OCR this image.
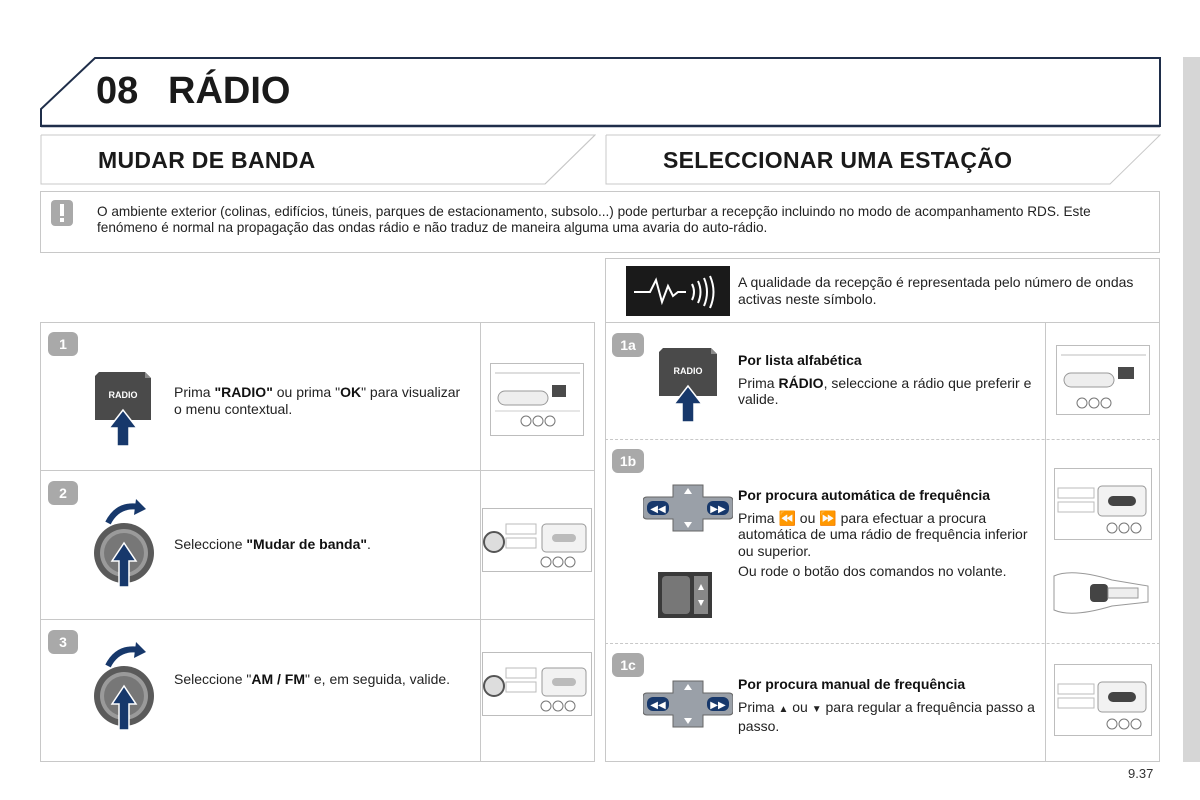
08 RÁDIO
MUDAR DE BANDA	SELECCIONAR UMA ESTAÇÃO
O ambiente exterior (colinas, edifícios, túneis, parques de estacionamento, subsolo...) pode perturbar a recepção incluindo no modo de acompanhamento RDS. Este fenómeno é normal na propagação das ondas rádio e não traduz de maneira alguma uma avaria do auto-rádio.
A qualidade da recepção é representada pelo número de ondas activas neste símbolo.
1
RADIO	Prima "RADIO" ou prima "OK" para visualizar o menu contextual.
2
Seleccione "Mudar de banda".
3
Seleccione "AM / FM" e, em seguida, valide.
1a
RADIO
Por lista alfabética
Prima RÁDIO, seleccione a rádio que preferir e valide.
1b
◀◀	▶▶
Por procura automática de frequência
Prima ⏪ ou ⏩ para efectuar a procura automática de uma rádio de frequência inferior ou superior.
Ou rode o botão dos comandos no volante.
1c
◀◀	▶▶
Por procura manual de frequência
Prima ▲ ou ▼ para regular a frequência passo a passo.
9.37
